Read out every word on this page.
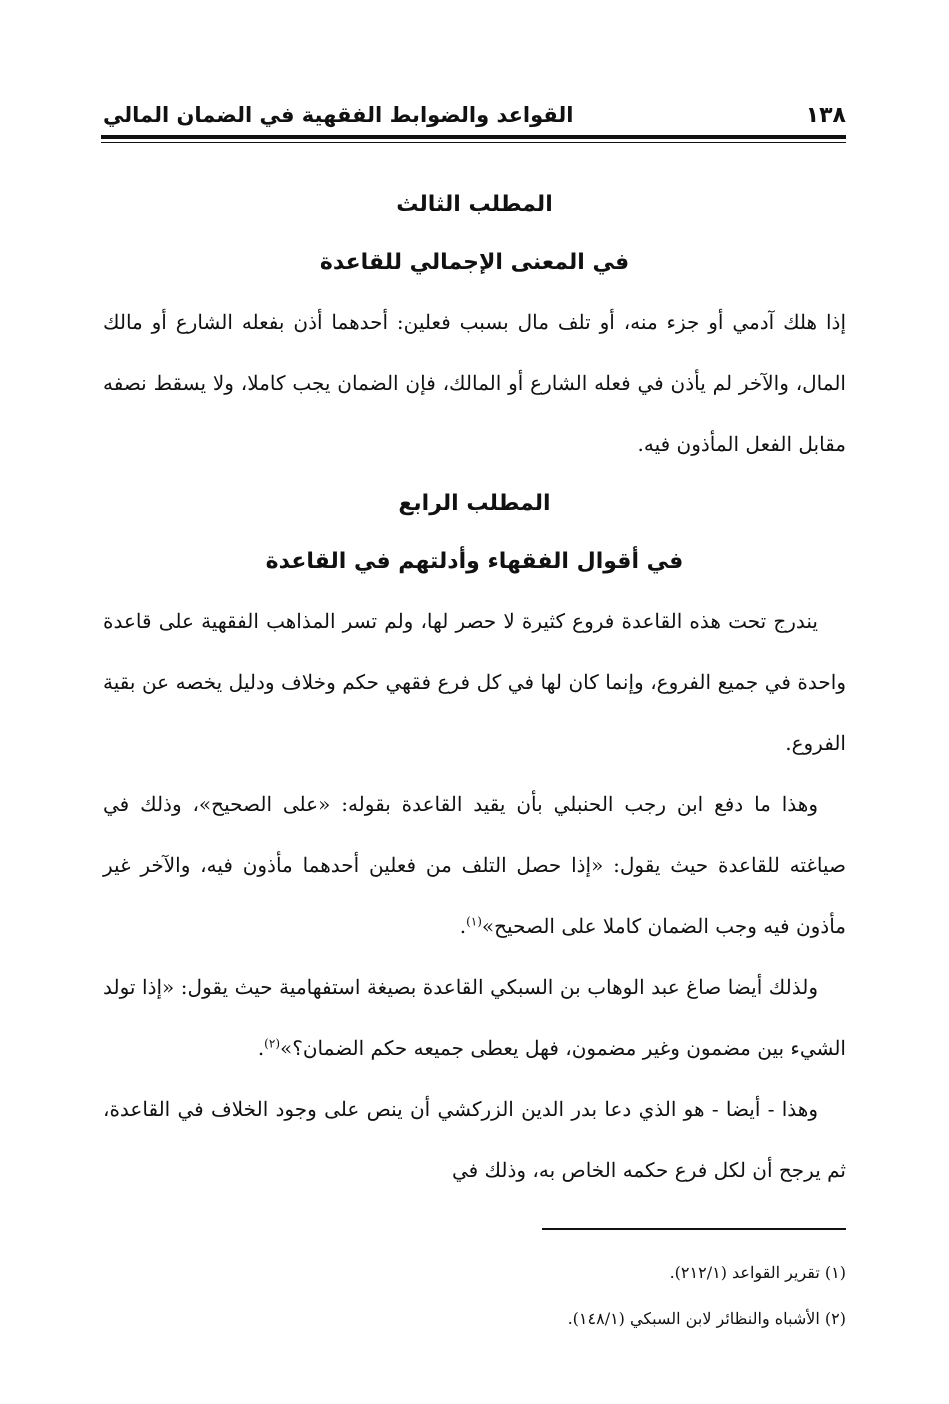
١٣٨
القواعد والضوابط الفقهية في الضمان المالي
المطلب الثالث
في المعنى الإجمالي للقاعدة

إذا هلك آدمي أو جزء منه، أو تلف مال بسبب فعلين: أحدهما أذن بفعله الشارع أو مالك المال، والآخر لم يأذن في فعله الشارع أو المالك، فإن الضمان يجب كاملا، ولا يسقط نصفه مقابل الفعل المأذون فيه.

المطلب الرابع
في أقوال الفقهاء وأدلتهم في القاعدة

يندرج تحت هذه القاعدة فروع كثيرة لا حصر لها، ولم تسر المذاهب الفقهية على قاعدة واحدة في جميع الفروع، وإنما كان لها في كل فرع فقهي حكم وخلاف ودليل يخصه عن بقية الفروع.

وهذا ما دفع ابن رجب الحنبلي بأن يقيد القاعدة بقوله: «على الصحيح»، وذلك في صياغته للقاعدة حيث يقول: «إذا حصل التلف من فعلين أحدهما مأذون فيه، والآخر غير مأذون فيه وجب الضمان كاملا على الصحيح»$^{(١)}$.

ولذلك أيضا صاغ عبد الوهاب بن السبكي القاعدة بصيغة استفهامية حيث يقول: «إذا تولد الشيء بين مضمون وغير مضمون، فهل يعطى جميعه حكم الضمان؟»$^{(٢)}$.

وهذا - أيضا - هو الذي دعا بدر الدين الزركشي أن ينص على وجود الخلاف في القاعدة، ثم يرجح أن لكل فرع حكمه الخاص به، وذلك في

(١) تقرير القواعد (٢١٢/١).

(٢) الأشباه والنظائر لابن السبكي (١٤٨/١).
